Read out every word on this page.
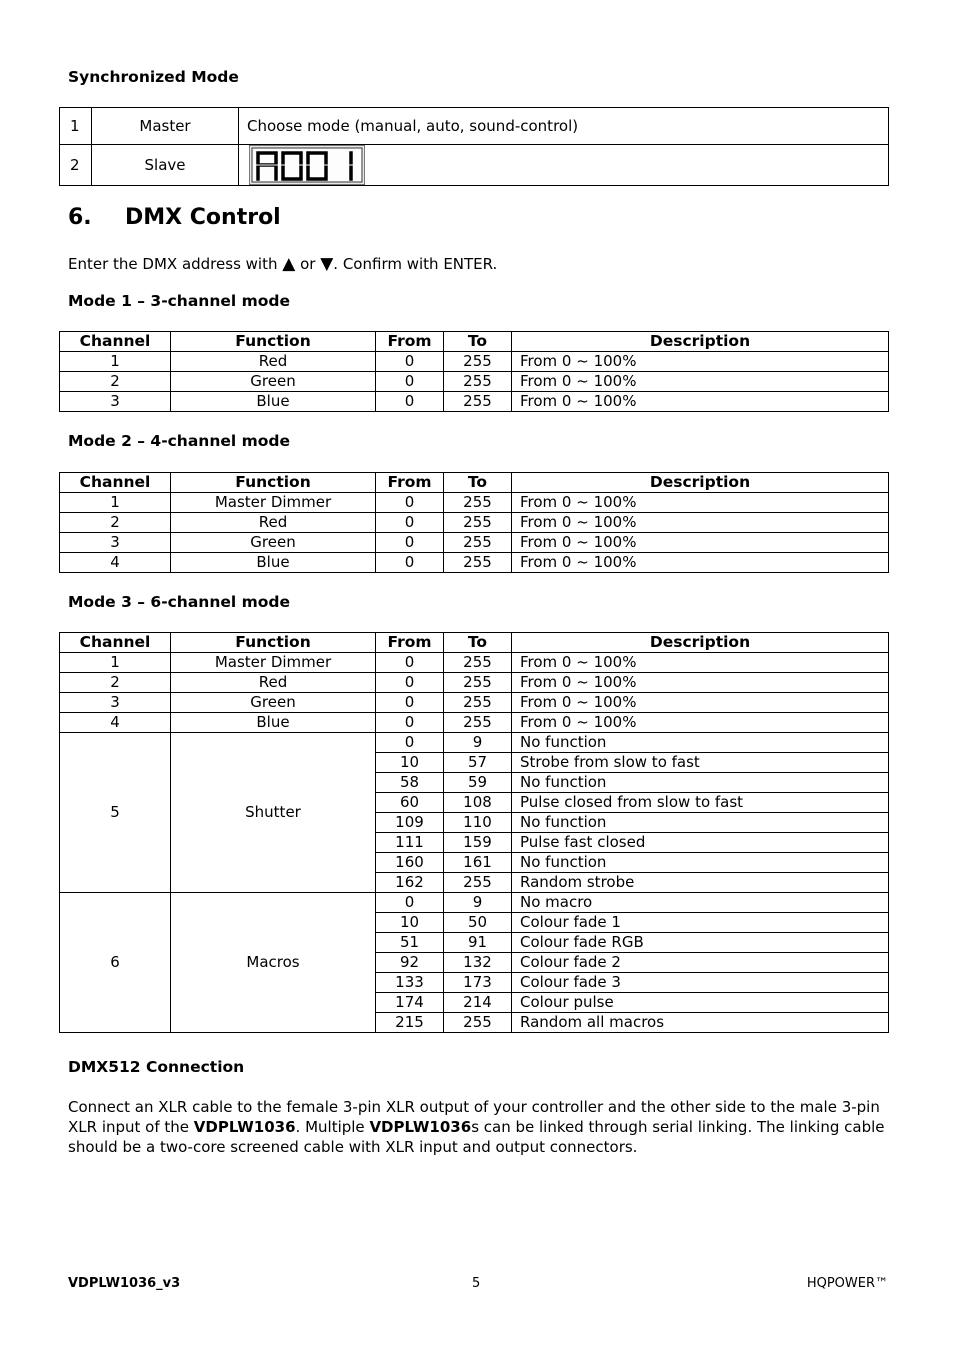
Synchronized Mode
1	Master	Choose mode (manual, auto, sound-control)
2	Slave	
6. DMX Control
Enter the DMX address with ▲ or ▼. Confirm with ENTER.
Mode 1 – 3-channel mode
Channel	Function	From	To	Description
1	Red	0	255	From 0 ~ 100%
2	Green	0	255	From 0 ~ 100%
3	Blue	0	255	From 0 ~ 100%
Mode 2 – 4-channel mode
Channel	Function	From	To	Description
1	Master Dimmer	0	255	From 0 ~ 100%
2	Red	0	255	From 0 ~ 100%
3	Green	0	255	From 0 ~ 100%
4	Blue	0	255	From 0 ~ 100%
Mode 3 – 6-channel mode
Channel	Function	From	To	Description
1	Master Dimmer	0	255	From 0 ~ 100%
2	Red	0	255	From 0 ~ 100%
3	Green	0	255	From 0 ~ 100%
4	Blue	0	255	From 0 ~ 100%
5	Shutter	0	9	No function
		10	57	Strobe from slow to fast
		58	59	No function
		60	108	Pulse closed from slow to fast
		109	110	No function
		111	159	Pulse fast closed
		160	161	No function
		162	255	Random strobe
6	Macros	0	9	No macro
		10	50	Colour fade 1
		51	91	Colour fade RGB
		92	132	Colour fade 2
		133	173	Colour fade 3
		174	214	Colour pulse
		215	255	Random all macros
DMX512 Connection

Connect an XLR cable to the female 3-pin XLR output of your controller and the other side to the male 3-pin XLR input of the VDPLW1036. Multiple VDPLW1036s can be linked through serial linking. The linking cable should be a two-core screened cable with XLR input and output connectors.

VDPLW1036_v3	5	HQPOWER™
